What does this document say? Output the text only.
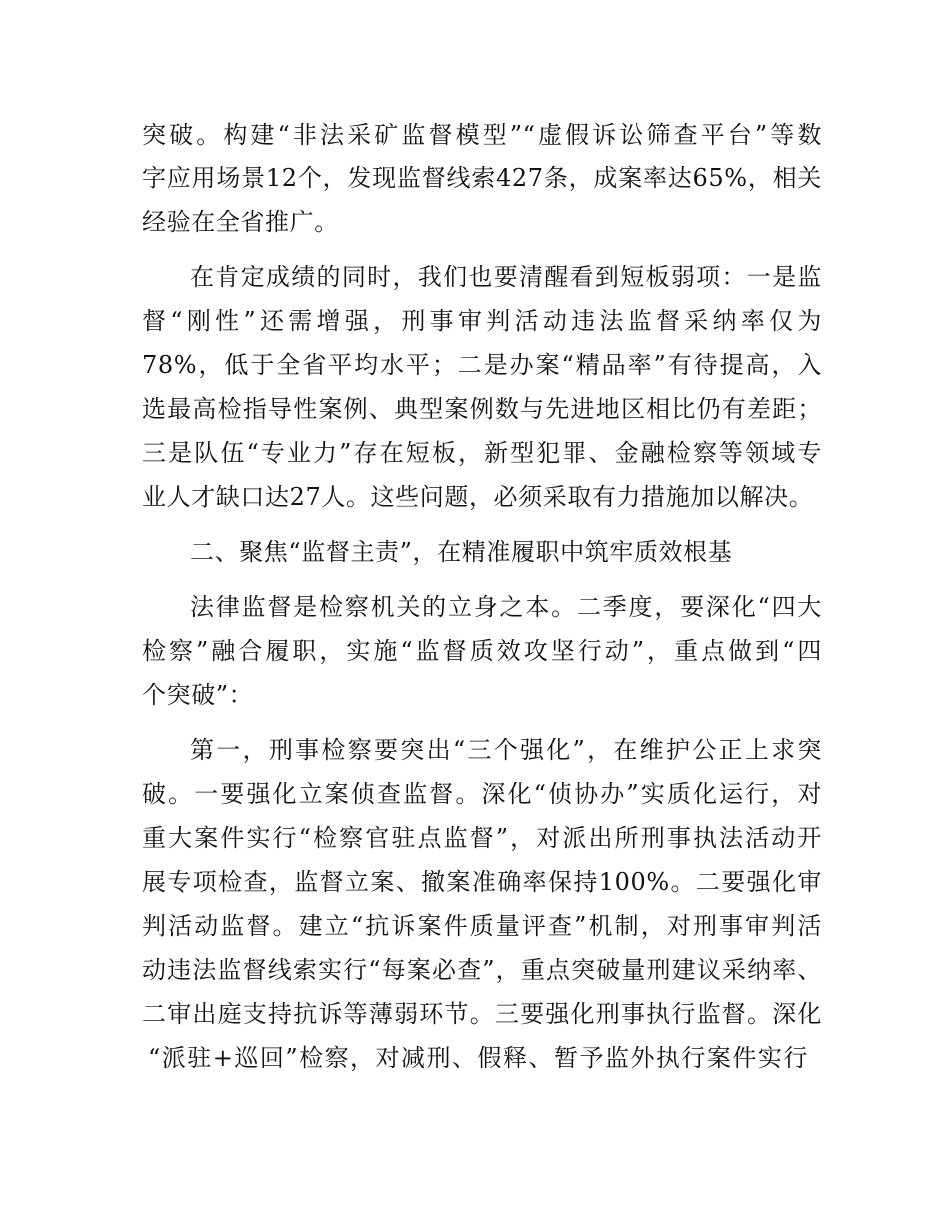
突破。构建“非法采矿监督模型”“虚假诉讼筛查平台”等数
字应用场景12个，发现监督线索427条，成案率达65%，相关
经验在全省推广。
在肯定成绩的同时，我们也要清醒看到短板弱项：一是监
督“刚性”还需增强，刑事审判活动违法监督采纳率仅为
78%，低于全省平均水平；二是办案“精品率”有待提高，入
选最高检指导性案例、典型案例数与先进地区相比仍有差距；
三是队伍“专业力”存在短板，新型犯罪、金融检察等领域专
业人才缺口达27人。这些问题，必须采取有力措施加以解决。
二、聚焦“监督主责”，在精准履职中筑牢质效根基
法律监督是检察机关的立身之本。二季度，要深化“四大
检察”融合履职，实施“监督质效攻坚行动”，重点做到“四
个突破”：
第一，刑事检察要突出“三个强化”，在维护公正上求突
破。一要强化立案侦查监督。深化“侦协办”实质化运行，对
重大案件实行“检察官驻点监督”，对派出所刑事执法活动开
展专项检查，监督立案、撤案准确率保持100%。二要强化审
判活动监督。建立“抗诉案件质量评查”机制，对刑事审判活
动违法监督线索实行“每案必查”，重点突破量刑建议采纳率、
二审出庭支持抗诉等薄弱环节。三要强化刑事执行监督。深化
“派驻+巡回”检察，对减刑、假释、暂予监外执行案件实行
